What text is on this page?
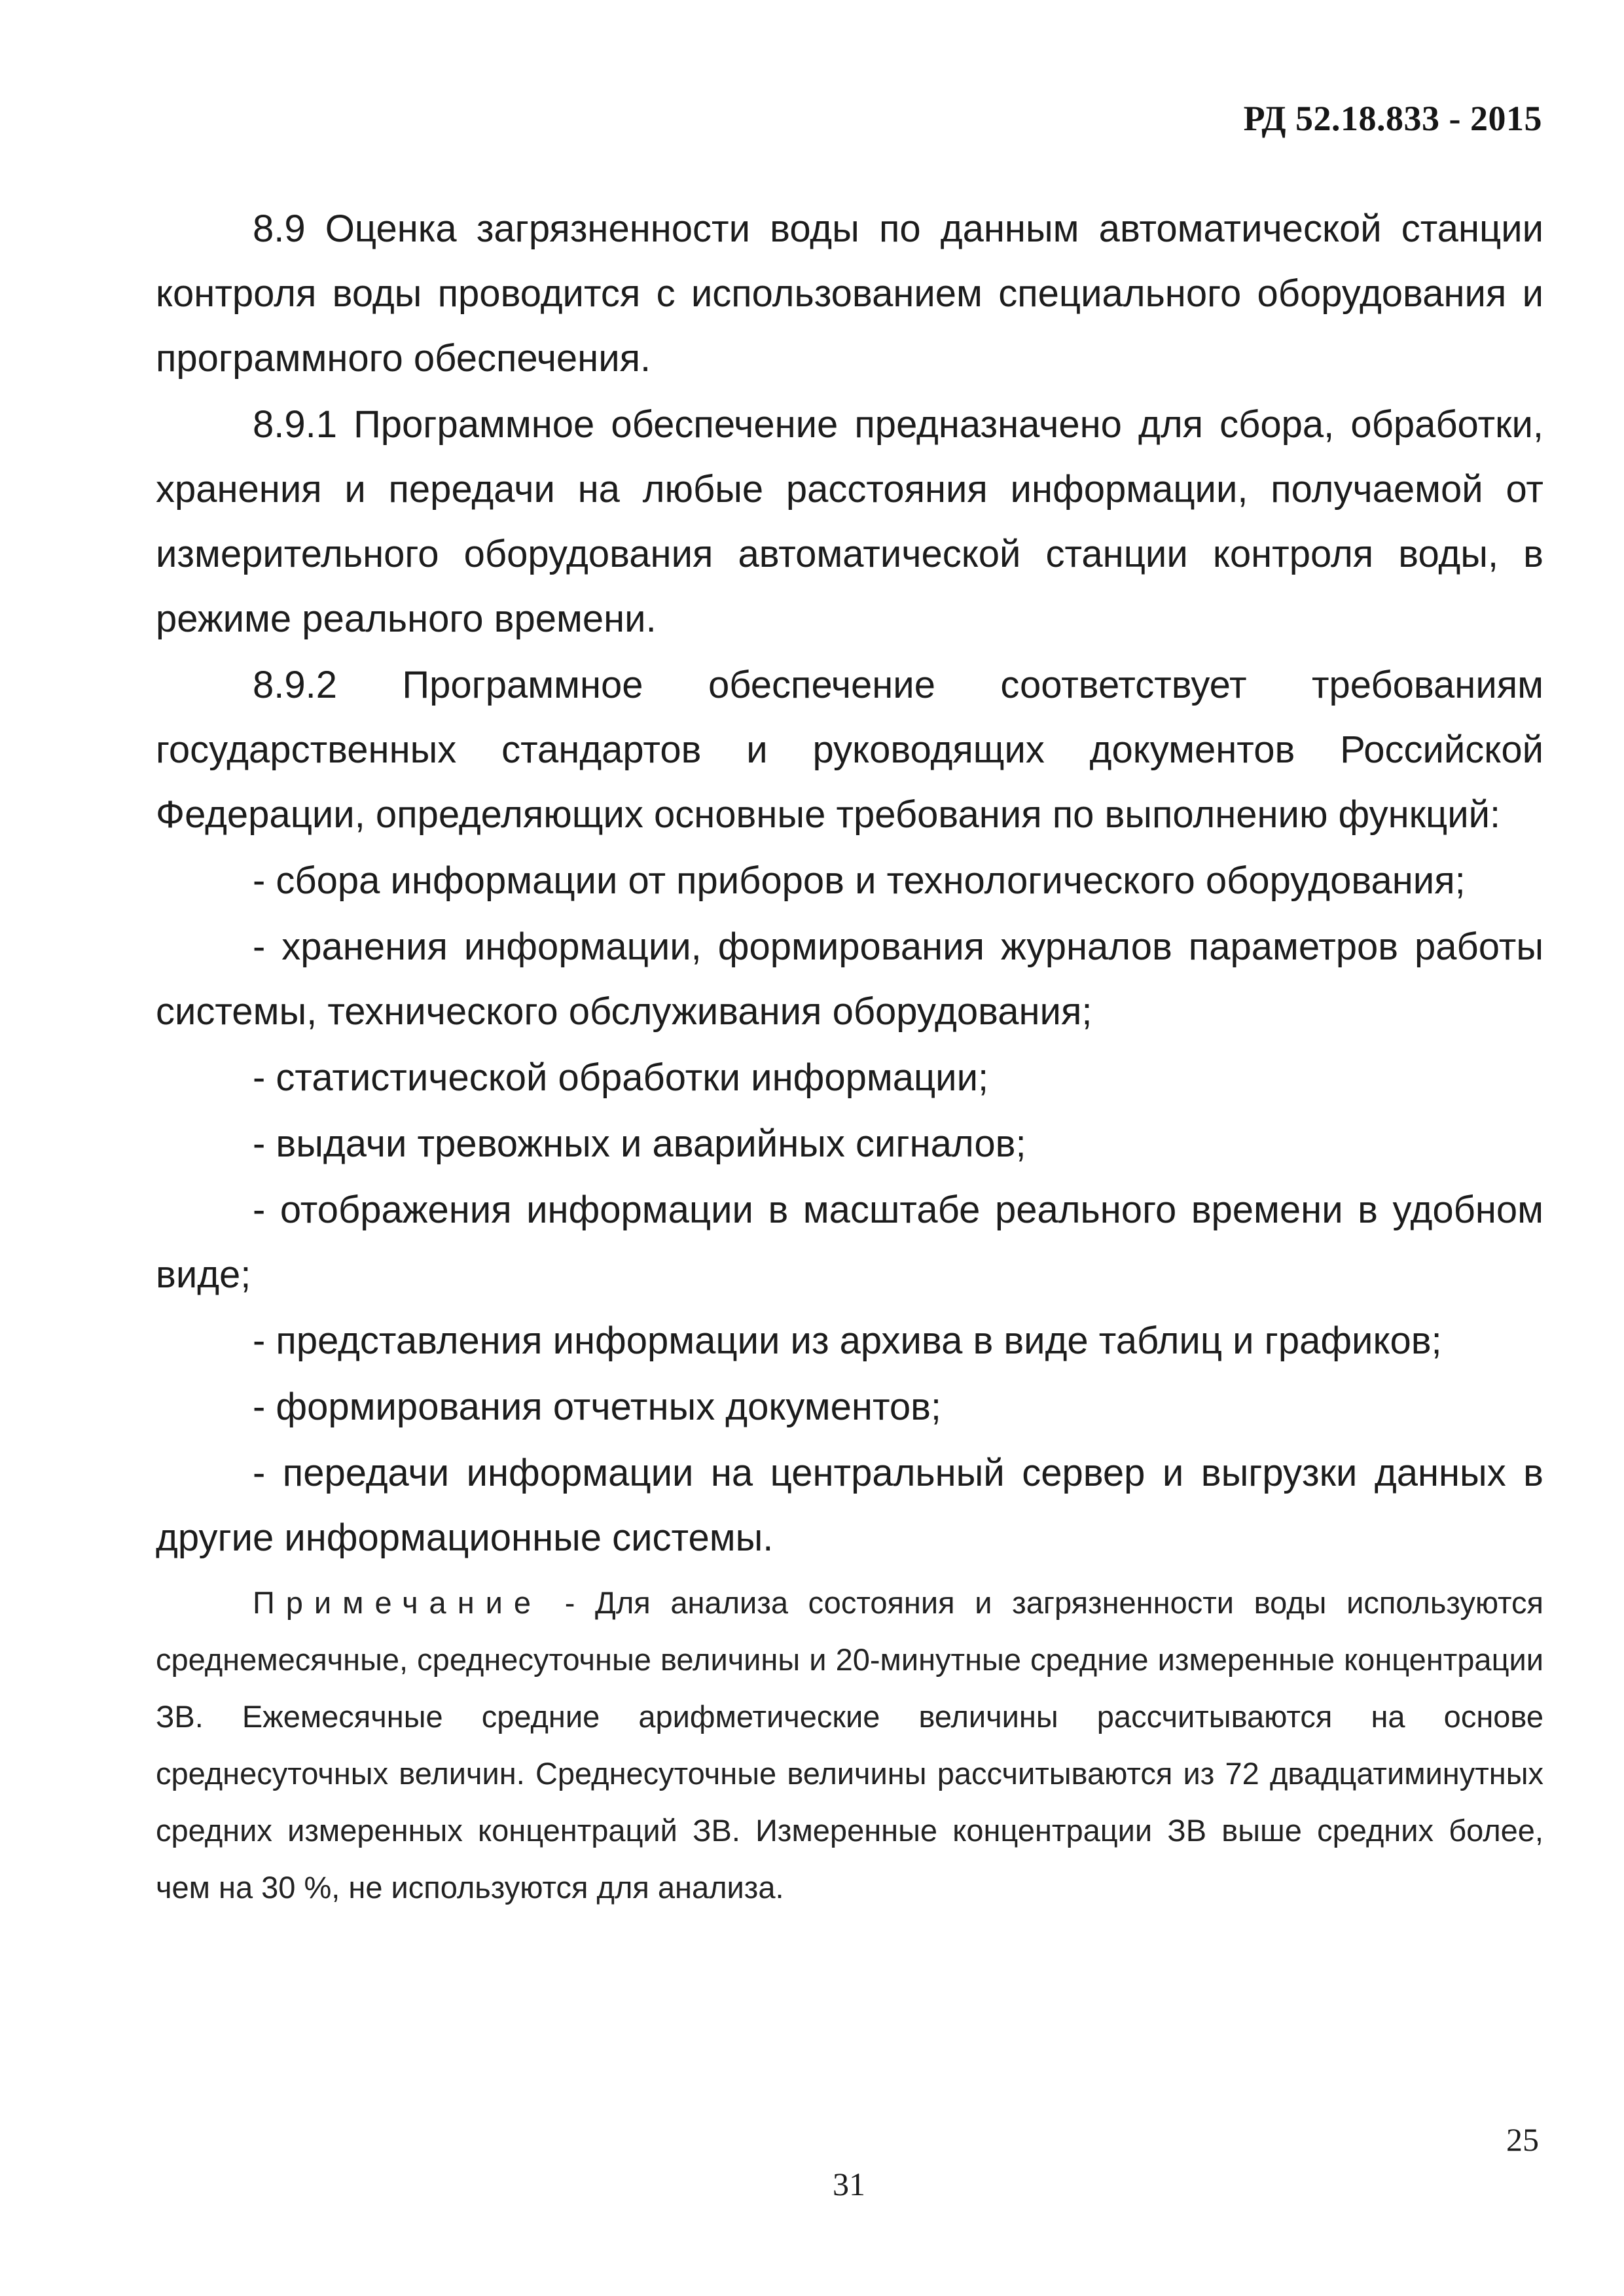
РД 52.18.833 - 2015

8.9 Оценка загрязненности воды по данным автоматической станции контроля воды проводится с использованием специального оборудования и программного обеспечения.

8.9.1 Программное обеспечение предназначено для сбора, обработки, хранения и передачи на любые расстояния информации, получаемой от измерительного оборудования автоматической станции контроля воды, в режиме реального времени.

8.9.2 Программное обеспечение соответствует требованиям государственных стандартов и руководящих документов Российской Федерации, определяющих основные требования по выполнению функций:

- сбора информации от приборов и технологического оборудования;

- хранения информации, формирования журналов параметров работы системы, технического обслуживания оборудования;

- статистической обработки информации;

- выдачи тревожных и аварийных сигналов;

- отображения информации в масштабе реального времени в удобном виде;

- представления информации из архива в виде таблиц и графиков;

- формирования отчетных документов;

- передачи информации на центральный сервер и выгрузки данных в другие информационные системы.

Примечание - Для анализа состояния и загрязненности воды используются среднемесячные, среднесуточные величины и 20-минутные средние измеренные концентрации ЗВ. Ежемесячные средние арифметические величины рассчитываются на основе среднесуточных величин. Среднесуточные величины рассчитываются из 72 двадцатиминутных средних измеренных концентраций ЗВ. Измеренные концентрации ЗВ выше средних более, чем на 30 %, не используются для анализа.

25
31
